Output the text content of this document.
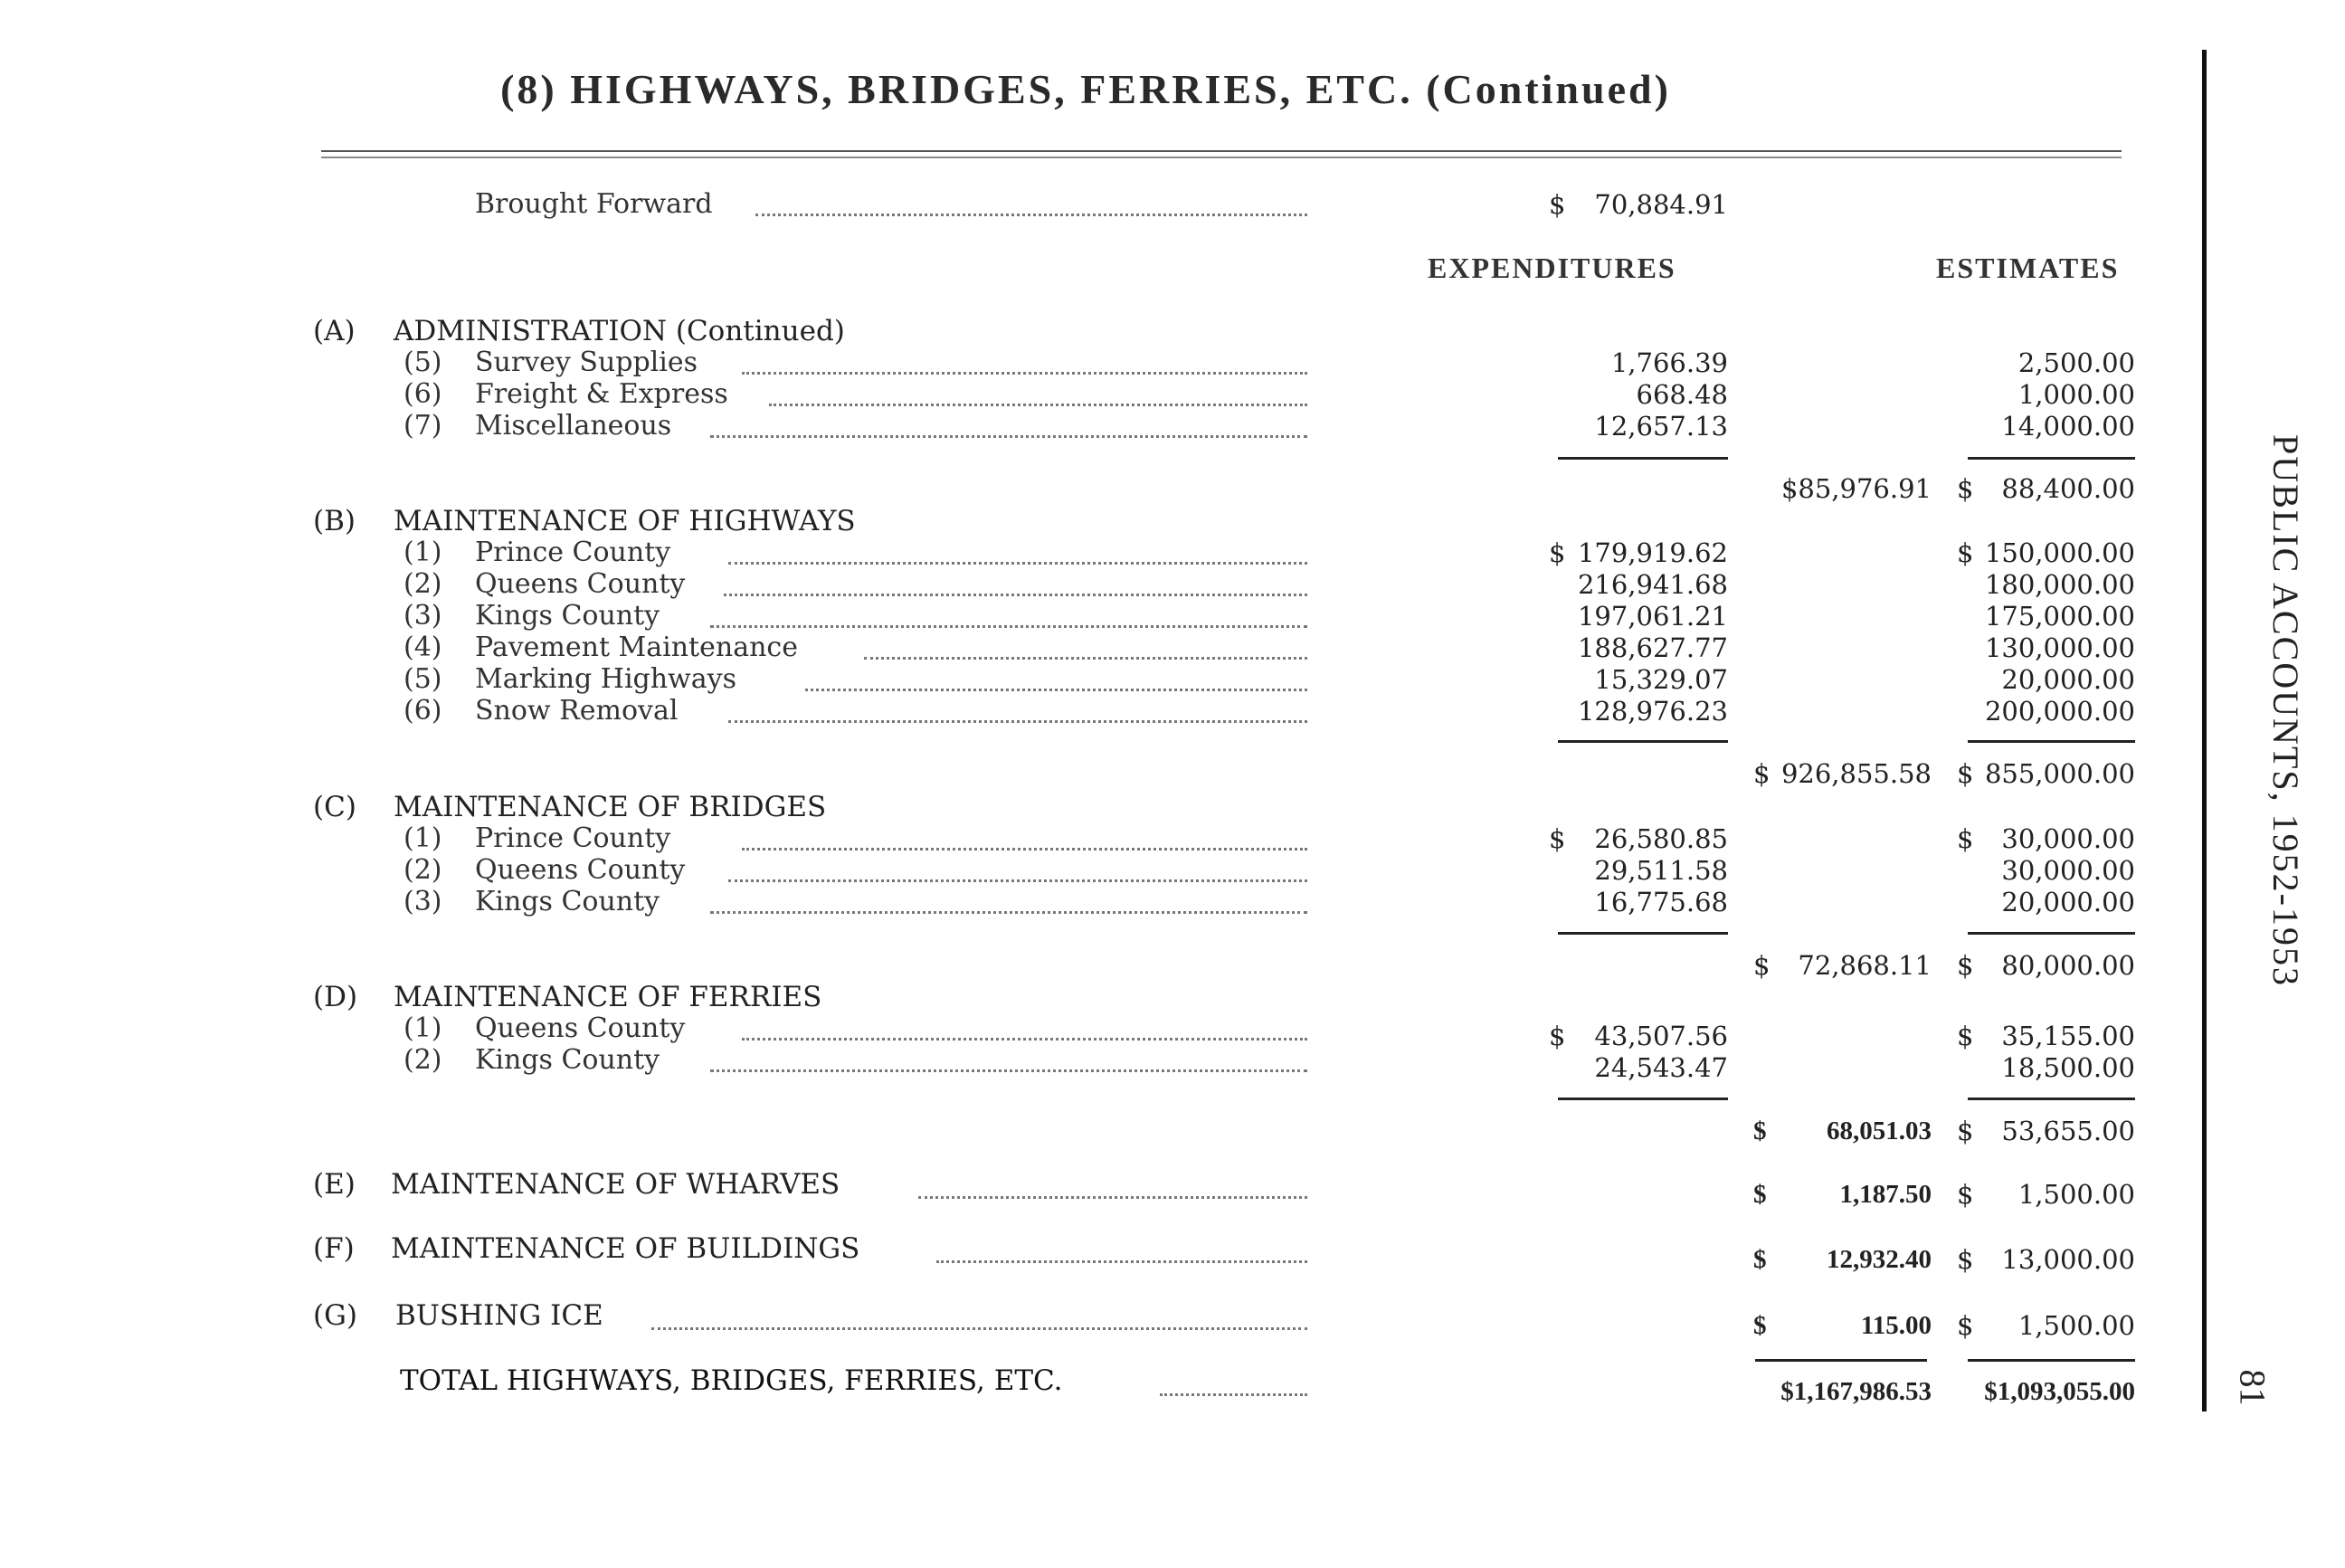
(8) HIGHWAYS, BRIDGES, FERRIES, ETC. (Continued)
PUBLIC ACCOUNTS, 1952-1953
81
Brought Forward	$	70,884.91
EXPENDITURES	ESTIMATES
(A) ADMINISTRATION (Continued)
(5) Survey Supplies	1,766.39	2,500.00
(6) Freight & Express	668.48	1,000.00
(7) Miscellaneous	12,657.13	14,000.00
$85,976.91 $	88,400.00
(B) MAINTENANCE OF HIGHWAYS
(1) Prince County	$ 179,919.62	$ 150,000.00
(2) Queens County	216,941.68	180,000.00
(3) Kings County	197,061.21	175,000.00
(4) Pavement Maintenance	188,627.77	130,000.00
(5) Marking Highways	15,329.07	20,000.00
(6) Snow Removal	128,976.23	200,000.00
$ 926,855.58 $ 855,000.00
(C) MAINTENANCE OF BRIDGES
(1) Prince County	$	26,580.85	$	30,000.00
(2) Queens County	29,511.58	30,000.00
(3) Kings County	16,775.68	20,000.00
$	72,868.11 $	80,000.00
(D) MAINTENANCE OF FERRIES
(1) Queens County	$	43,507.56	$	35,155.00
(2) Kings County	24,543.47	18,500.00
$	68,051.03 $	53,655.00
(E) MAINTENANCE OF WHARVES	$	1,187.50 $	1,500.00
(F) MAINTENANCE OF BUILDINGS	$	12,932.40 $	13,000.00
(G) BUSHING ICE	$	115.00 $	1,500.00
TOTAL HIGHWAYS, BRIDGES, FERRIES, ETC.	$1,167,986.53	$1,093,055.00
